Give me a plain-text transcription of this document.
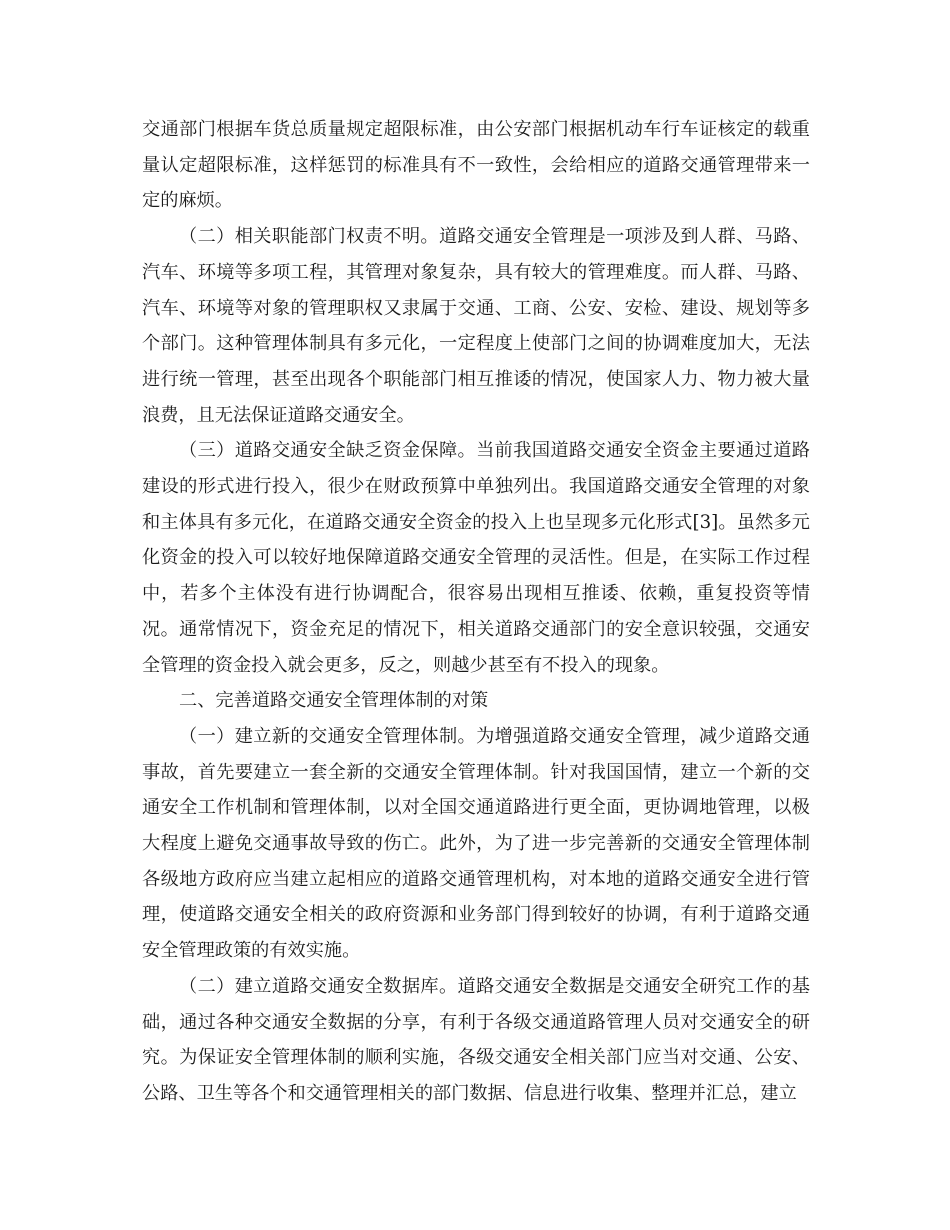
交通部门根据车货总质量规定超限标准，由公安部门根据机动车行车证核定的载重量认定超限标准，这样惩罚的标准具有不一致性，会给相应的道路交通管理带来一定的麻烦。

（二）相关职能部门权责不明。道路交通安全管理是一项涉及到人群、马路、汽车、环境等多项工程，其管理对象复杂，具有较大的管理难度。而人群、马路、汽车、环境等对象的管理职权又隶属于交通、工商、公安、安检、建设、规划等多个部门。这种管理体制具有多元化，一定程度上使部门之间的协调难度加大，无法进行统一管理，甚至出现各个职能部门相互推诿的情况，使国家人力、物力被大量浪费，且无法保证道路交通安全。

（三）道路交通安全缺乏资金保障。当前我国道路交通安全资金主要通过道路建设的形式进行投入，很少在财政预算中单独列出。我国道路交通安全管理的对象和主体具有多元化，在道路交通安全资金的投入上也呈现多元化形式[3]。虽然多元化资金的投入可以较好地保障道路交通安全管理的灵活性。但是，在实际工作过程中，若多个主体没有进行协调配合，很容易出现相互推诿、依赖，重复投资等情况。通常情况下，资金充足的情况下，相关道路交通部门的安全意识较强，交通安全管理的资金投入就会更多，反之，则越少甚至有不投入的现象。

二、完善道路交通安全管理体制的对策

（一）建立新的交通安全管理体制。为增强道路交通安全管理，减少道路交通事故，首先要建立一套全新的交通安全管理体制。针对我国国情，建立一个新的交通安全工作机制和管理体制，以对全国交通道路进行更全面，更协调地管理，以极大程度上避免交通事故导致的伤亡。此外，为了进一步完善新的交通安全管理体制各级地方政府应当建立起相应的道路交通管理机构，对本地的道路交通安全进行管理，使道路交通安全相关的政府资源和业务部门得到较好的协调，有利于道路交通安全管理政策的有效实施。

（二）建立道路交通安全数据库。道路交通安全数据是交通安全研究工作的基础，通过各种交通安全数据的分享，有利于各级交通道路管理人员对交通安全的研究。为保证安全管理体制的顺利实施，各级交通安全相关部门应当对交通、公安、公路、卫生等各个和交通管理相关的部门数据、信息进行收集、整理并汇总，建立
